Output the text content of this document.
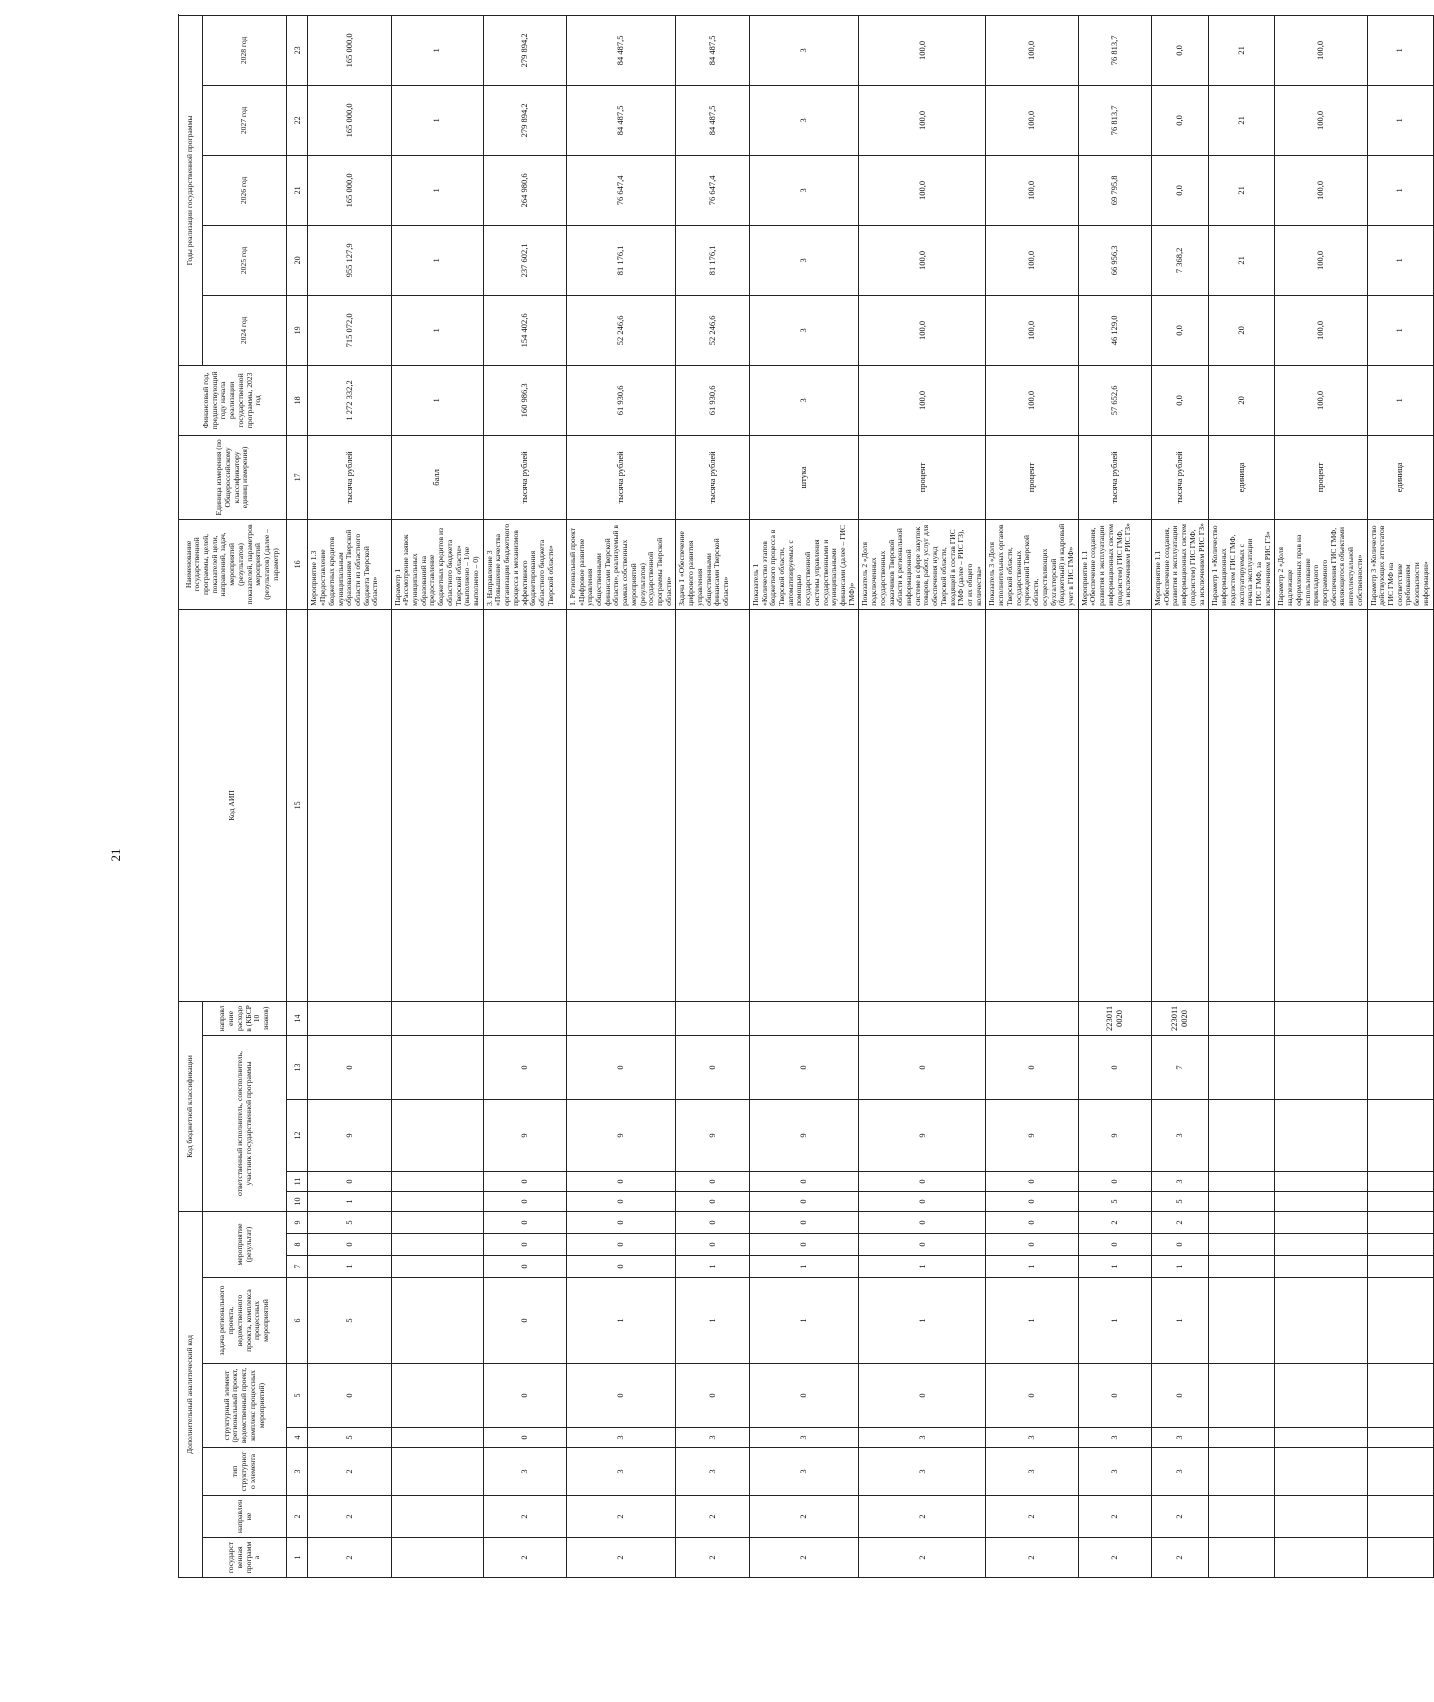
21
Дополнительный аналитический код									Код бюджетной классификации					Код АИП	Наименование государственной программы, целей, показателей цели, направлений, задач, мероприятий (результатов) показателей, параметров мероприятий (результатов) (далее – параметр)	Единица измерения (по Общероссийскому классификатору единиц измерения)	Финансовый год, предшествующий году начала реализации государственной программы, 2023 год	Годы реализации государственной программы					
государственная программа	направление	тип структурного элемента	структурный элемент (региональный проект, ведомственный проект, комплекс процессных мероприятий)		задача регионального проекта, ведомственного проекта, комплекса процессных мероприятий	мероприятие (результат)			ответственный исполнитель, соисполнитель, участник государственной программы				направление расходов (КБСР 10 знаков)					2024 год	2025 год	2026 год	2027 год	2028 год	

1	2	3	4	5	6	7	8	9	10	11	12	13	14	15	16	17	18	19	20	21	22	23	
2	2	2	5	0	5	1	0	5	1	0	9	0			Мероприятие 1.3 «Предоставление бюджетных кредитов муниципальным образованиям Тверской области из областного бюджета Тверской области»	тысяча рублей	1 272 332,2	715 072,0	955 127,9	165 000,0	165 000,0	165 000,0	
															Параметр 1 «Рассмотрение заявок муниципальных образований на предоставление бюджетных кредитов из областного бюджета Тверской области» (выполнено – 1/не выполнено – 0)	балл	1	1	1	1	1	1	
2	2	3	0	0	0	0	0	0	0	0	9	0			3. Направление 3 «Повышение качества организации бюджетного процесса и механизмов эффективного бюджетирования областного бюджета Тверской области»	тысяча рублей	160 986,3	154 402,6	237 602,1	264 980,6	279 894,2	279 894,2	
2	2	3	3	0	1	0	0	0	0	0	9	0			1. Региональный проект «Цифровое развитие управления общественными финансами Тверской области», реализуемый в рамках собственных мероприятий (результатов) государственной программы Тверской области»	тысяча рублей	61 930,6	52 246,6	81 176,1	76 647,4	84 487,5	84 487,5	
2	2	3	3	0	1	1	0	0	0	0	9	0			Задача 1 «Обеспечение цифрового развития управления общественными финансами Тверской области»	тысяча рублей	61 930,6	52 246,6	81 176,1	76 647,4	84 487,5	84 487,5	
2	2	3	3	0	1	1	0	0	0	0	9	0			Показатель 1 «Количество этапов бюджетного процесса в Тверской области, автоматизируемых с помощью государственной системы управления государственными и муниципальными финансами (далее – ГИС ГМФ)»	штука	3	3	3	3	3	3	
2	2	3	3	0	1	1	0	0	0	0	9	0			Показатель 2 «Доля подключенных государственных заказчиков Тверской области к региональной информационной системе в сфере закупок товаров, работ, услуг для обеспечения нужд Тверской области, входящей в состав ГИС ГМФ (далее – РИС ГЗ), от их общего количества»	процент	100,0	100,0	100,0	100,0	100,0	100,0	
2	2	3	3	0	1	1	0	0	0	0	9	0			Показатель 3 «Доля исполнительных органов Тверской области, государственных учреждений Тверской области, осуществляющих бухгалтерский (бюджетный) и кадровый учет в ГИС ГМФ»	процент	100,0	100,0	100,0	100,0	100,0	100,0	
2	2	3	3	0	1	1	0	2	5	0	9	0	2230110020		Мероприятие 1.1 «Обеспечение создания, развития и эксплуатации информационных систем (подсистем) ГИС ГМФ, за исключением РИС ГЗ»	тысяча рублей	57 652,6	46 129,0	66 956,3	69 795,8	76 813,7	76 813,7	
2	2	3	3	0	1	1	0	2	5	3	3	7	2230110020		Мероприятие 1.1 «Обеспечение создания, развития и эксплуатации информационных систем (подсистем) ГИС ГМФ, за исключением РИС ГЗ»	тысяча рублей	0,0	0,0	7 368,2	0,0	0,0	0,0	
															Параметр 1 «Количество информационных подсистем ГИС ГМФ, эксплуатируемых с начала эксплуатации ГИС ГМФ, за исключением РИС ГЗ»	единица	20	20	21	21	21	21	
															Параметр 2 «Доля надлежаще оформленных прав на использование прикладного программного обеспечения ГИС ГМФ, являющегося объектами интеллектуальной собственности»	процент	100,0	100,0	100,0	100,0	100,0	100,0	
															Параметр 3 «Количество действующих аттестатов ГИС ГМФ на соответствие требованиям безопасности информации»	единица	1	1	1	1	1	1	
